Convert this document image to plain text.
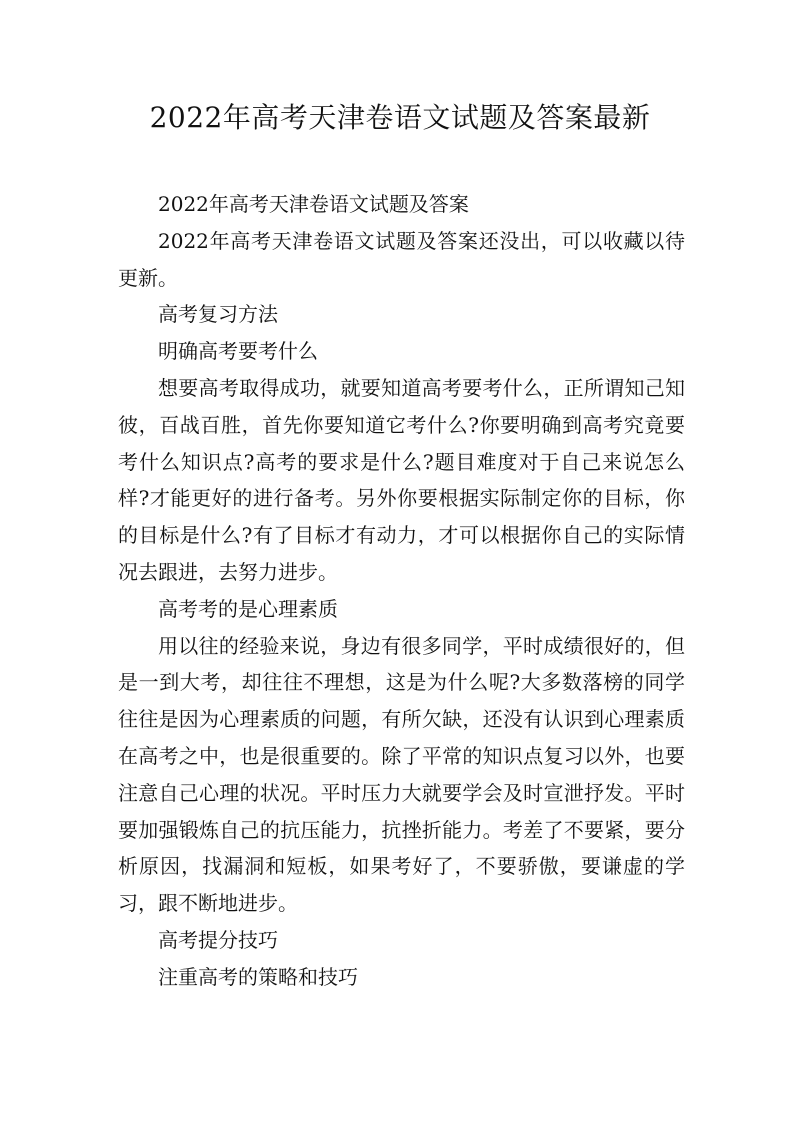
2022年高考天津卷语文试题及答案最新

2022年高考天津卷语文试题及答案

2022年高考天津卷语文试题及答案还没出，可以收藏以待更新。

高考复习方法

明确高考要考什么

想要高考取得成功，就要知道高考要考什么，正所谓知己知彼，百战百胜，首先你要知道它考什么?你要明确到高考究竟要考什么知识点?高考的要求是什么?题目难度对于自己来说怎么样?才能更好的进行备考。另外你要根据实际制定你的目标，你的目标是什么?有了目标才有动力，才可以根据你自己的实际情况去跟进，去努力进步。

高考考的是心理素质

用以往的经验来说，身边有很多同学，平时成绩很好的，但是一到大考，却往往不理想，这是为什么呢?大多数落榜的同学往往是因为心理素质的问题，有所欠缺，还没有认识到心理素质在高考之中，也是很重要的。除了平常的知识点复习以外，也要注意自己心理的状况。平时压力大就要学会及时宣泄抒发。平时要加强锻炼自己的抗压能力，抗挫折能力。考差了不要紧，要分析原因，找漏洞和短板，如果考好了，不要骄傲，要谦虚的学习，跟不断地进步。

高考提分技巧

注重高考的策略和技巧
